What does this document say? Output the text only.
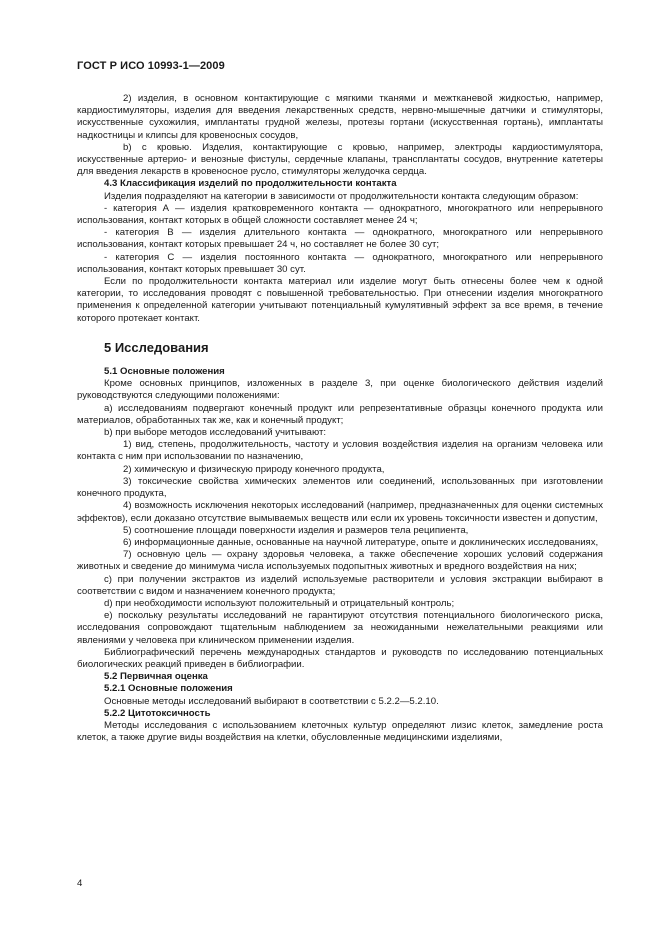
ГОСТ Р ИСО 10993-1—2009

2) изделия, в основном контактирующие с мягкими тканями и межтканевой жидкостью, например, кардиостимуляторы, изделия для введения лекарственных средств, нервно-мышечные датчики и стимуляторы, искусственные сухожилия, имплантаты грудной железы, протезы гортани (искусственная гортань), имплантаты надкостницы и клипсы для кровеносных сосудов,

b) с кровью. Изделия, контактирующие с кровью, например, электроды кардиостимулятора, искусственные артерио- и венозные фистулы, сердечные клапаны, трансплантаты сосудов, внутренние катетеры для введения лекарств в кровеносное русло, стимуляторы желудочка сердца.

4.3 Классификация изделий по продолжительности контакта

Изделия подразделяют на категории в зависимости от продолжительности контакта следующим образом:

- категория А — изделия кратковременного контакта — однократного, многократного или непрерывного использования, контакт которых в общей сложности составляет менее 24 ч;

- категория В — изделия длительного контакта — однократного, многократного или непрерывного использования, контакт которых превышает 24 ч, но составляет не более 30 сут;

- категория С — изделия постоянного контакта — однократного, многократного или непрерывного использования, контакт которых превышает 30 сут.

Если по продолжительности контакта материал или изделие могут быть отнесены более чем к одной категории, то исследования проводят с повышенной требовательностью. При отнесении изделия многократного применения к определенной категории учитывают потенциальный кумулятивный эффект за все время, в течение которого протекает контакт.

5 Исследования

5.1 Основные положения

Кроме основных принципов, изложенных в разделе 3, при оценке биологического действия изделий руководствуются следующими положениями:

a) исследованиям подвергают конечный продукт или репрезентативные образцы конечного продукта или материалов, обработанных так же, как и конечный продукт;

b) при выборе методов исследований учитывают:

1) вид, степень, продолжительность, частоту и условия воздействия изделия на организм человека или контакта с ним при использовании по назначению,

2) химическую и физическую природу конечного продукта,

3) токсические свойства химических элементов или соединений, использованных при изготовлении конечного продукта,

4) возможность исключения некоторых исследований (например, предназначенных для оценки системных эффектов), если доказано отсутствие вымываемых веществ или если их уровень токсичности известен и допустим,

5) соотношение площади поверхности изделия и размеров тела реципиента,

6) информационные данные, основанные на научной литературе, опыте и доклинических исследованиях,

7) основную цель — охрану здоровья человека, а также обеспечение хороших условий содержания животных и сведение до минимума числа используемых подопытных животных и вредного воздействия на них;

c) при получении экстрактов из изделий используемые растворители и условия экстракции выбирают в соответствии с видом и назначением конечного продукта;

d) при необходимости используют положительный и отрицательный контроль;

e) поскольку результаты исследований не гарантируют отсутствия потенциального биологического риска, исследования сопровождают тщательным наблюдением за неожиданными нежелательными реакциями или явлениями у человека при клиническом применении изделия.

Библиографический перечень международных стандартов и руководств по исследованию потенциальных биологических реакций приведен в библиографии.

5.2 Первичная оценка

5.2.1 Основные положения

Основные методы исследований выбирают в соответствии с 5.2.2—5.2.10.

5.2.2 Цитотоксичность

Методы исследования с использованием клеточных культур определяют лизис клеток, замедление роста клеток, а также другие виды воздействия на клетки, обусловленные медицинскими изделиями,

4
